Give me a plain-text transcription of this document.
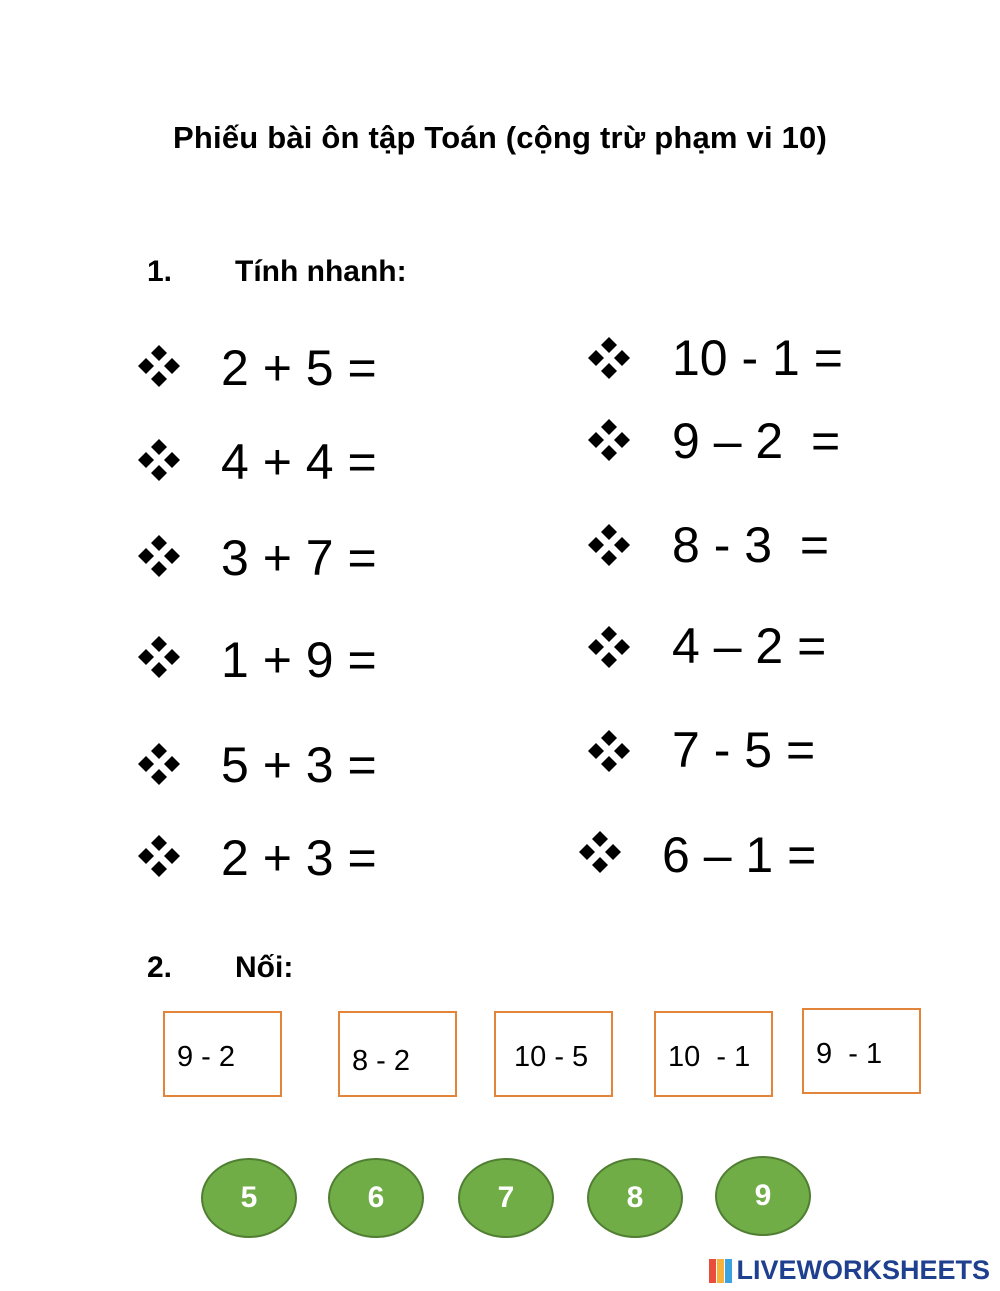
Phiếu bài ôn tập Toán (cộng trừ phạm vi 10)
1. Tính nhanh:
2 + 5 =
4 + 4 =
3 + 7 =
1 + 9 =
5 + 3 =
2 + 3 =
10 - 1 =
9 – 2  =
8 - 3  =
4 – 2 =
7 - 5 =
6 – 1 =
2. Nối:
9 - 2	8 - 2	10 - 5	10  - 1 9  - 1
5	6	7	8	9
LIVEWORKSHEETS
